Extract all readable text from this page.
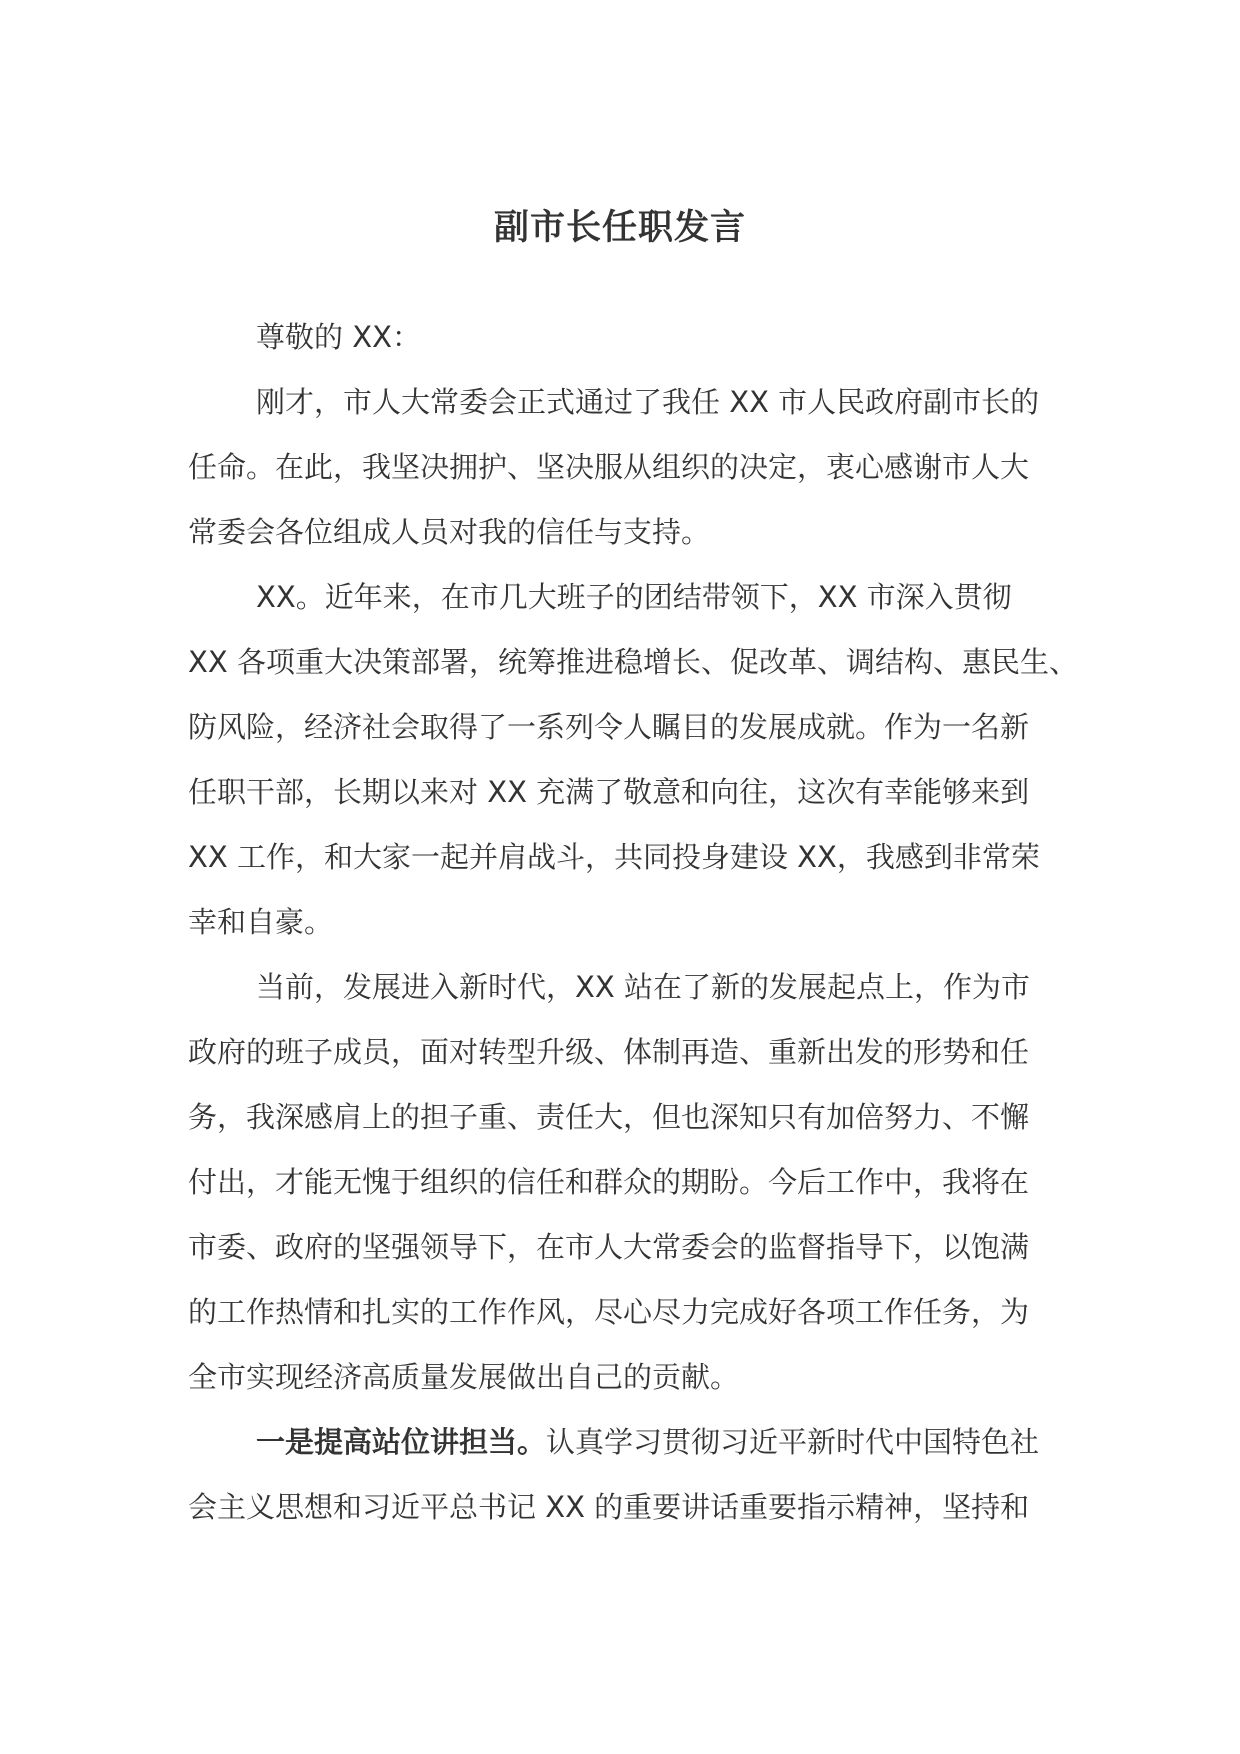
副市长任职发言
尊敬的 XX：
刚才，市人大常委会正式通过了我任 XX 市人民政府副市长的
任命。在此，我坚决拥护、坚决服从组织的决定，衷心感谢市人大
常委会各位组成人员对我的信任与支持。
XX。近年来，在市几大班子的团结带领下，XX 市深入贯彻
XX 各项重大决策部署，统筹推进稳增长、促改革、调结构、惠民生、
防风险，经济社会取得了一系列令人瞩目的发展成就。作为一名新
任职干部，长期以来对 XX 充满了敬意和向往，这次有幸能够来到
XX 工作，和大家一起并肩战斗，共同投身建设 XX，我感到非常荣
幸和自豪。
当前，发展进入新时代，XX 站在了新的发展起点上，作为市
政府的班子成员，面对转型升级、体制再造、重新出发的形势和任
务，我深感肩上的担子重、责任大，但也深知只有加倍努力、不懈
付出，才能无愧于组织的信任和群众的期盼。今后工作中，我将在
市委、政府的坚强领导下，在市人大常委会的监督指导下，以饱满
的工作热情和扎实的工作作风，尽心尽力完成好各项工作任务，为
全市实现经济高质量发展做出自己的贡献。
一是提高站位讲担当。认真学习贯彻习近平新时代中国特色社
会主义思想和习近平总书记 XX 的重要讲话重要指示精神，坚持和
